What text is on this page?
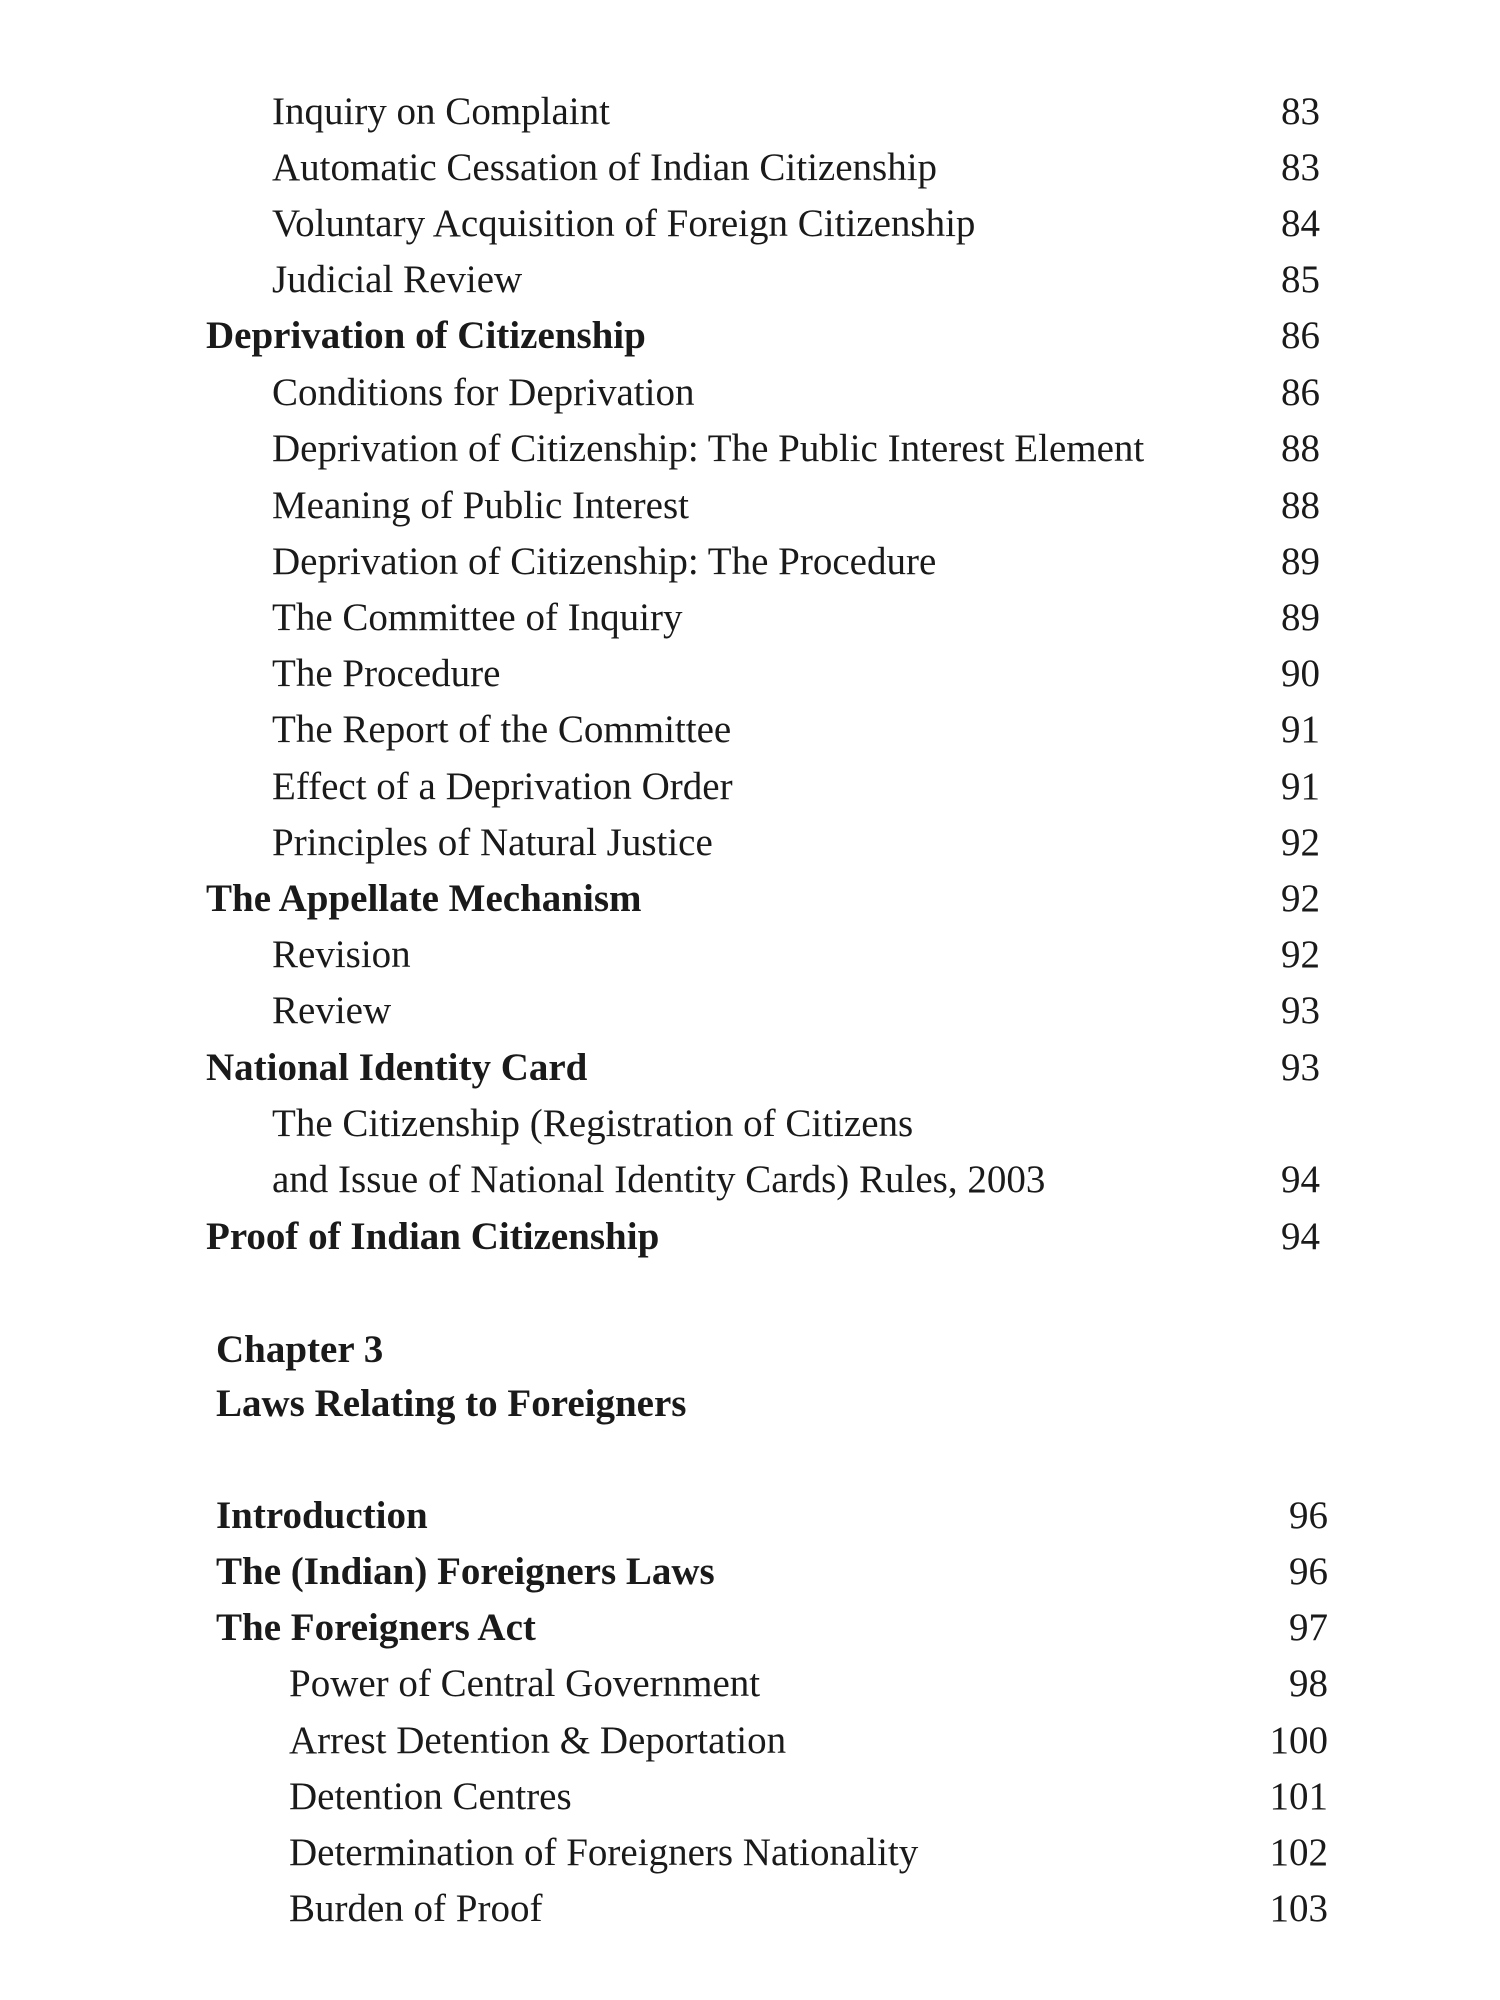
Inquiry on Complaint	83
Automatic Cessation of Indian Citizenship	83
Voluntary Acquisition of Foreign Citizenship	84
Judicial Review	85
Deprivation of Citizenship	86
Conditions for Deprivation	86
Deprivation of Citizenship: The Public Interest Element	88
Meaning of Public Interest	88
Deprivation of Citizenship: The Procedure	89
The Committee of Inquiry	89
The Procedure	90
The Report of the Committee	91
Effect of a Deprivation Order	91
Principles of Natural Justice	92
The Appellate Mechanism	92
Revision	92
Review	93
National Identity Card	93
The Citizenship (Registration of Citizens
and Issue of National Identity Cards) Rules, 2003	94
Proof of Indian Citizenship	94
Chapter 3
Laws Relating to Foreigners
Introduction	96
The (Indian) Foreigners Laws	96
The Foreigners Act	97
Power of Central Government	98
Arrest Detention & Deportation	100
Detention Centres	101
Determination of Foreigners Nationality	102
Burden of Proof	103
